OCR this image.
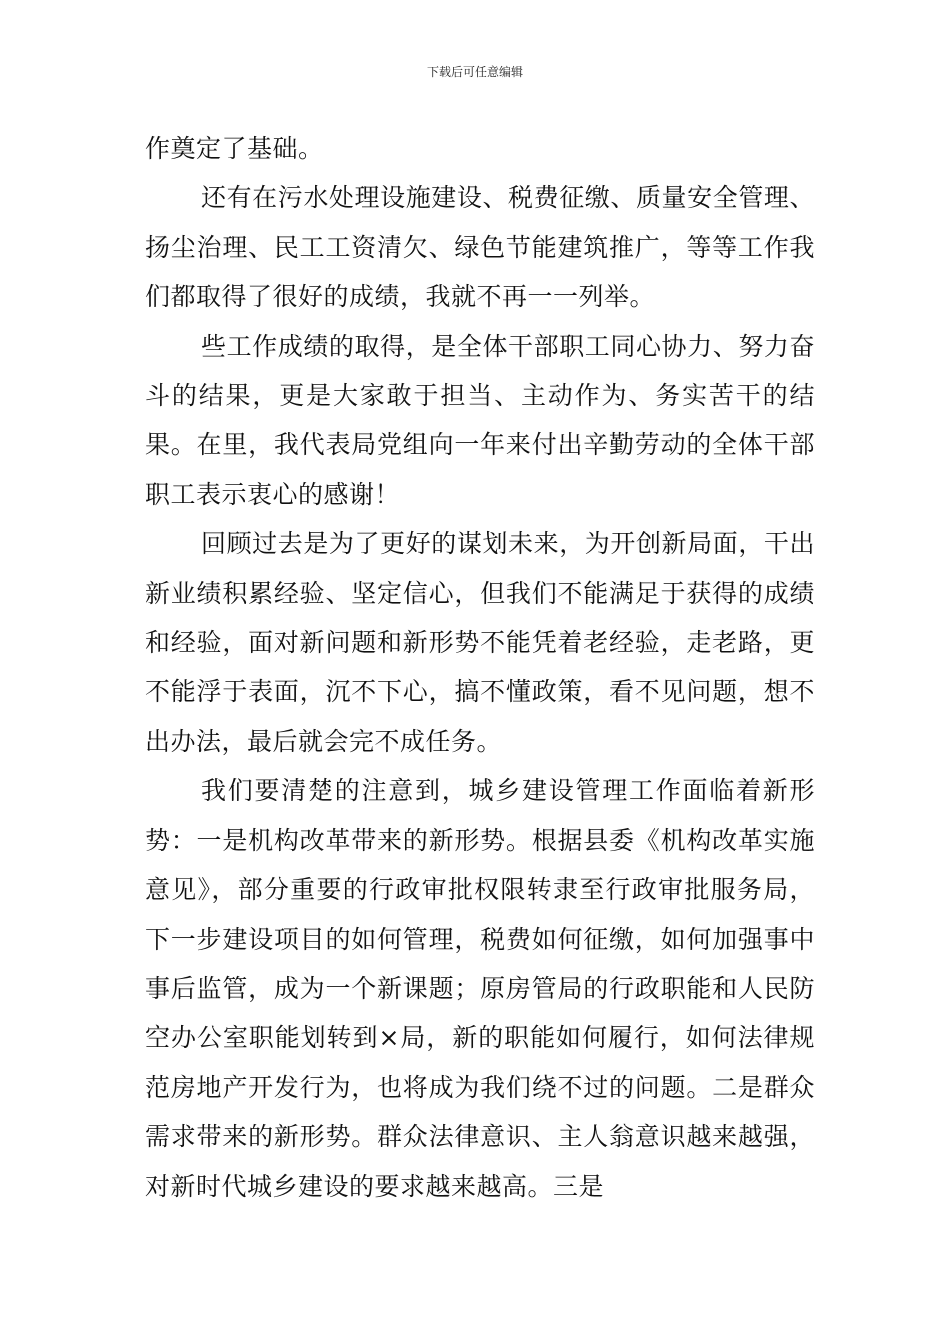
下载后可任意编辑

作奠定了基础。

还有在污水处理设施建设、税费征缴、质量安全管理、扬尘治理、民工工资清欠、绿色节能建筑推广，等等工作我们都取得了很好的成绩，我就不再一一列举。

些工作成绩的取得，是全体干部职工同心协力、努力奋斗的结果，更是大家敢于担当、主动作为、务实苦干的结果。在里，我代表局党组向一年来付出辛勤劳动的全体干部职工表示衷心的感谢！

回顾过去是为了更好的谋划未来，为开创新局面，干出新业绩积累经验、坚定信心，但我们不能满足于获得的成绩和经验，面对新问题和新形势不能凭着老经验，走老路，更不能浮于表面，沉不下心，搞不懂政策，看不见问题，想不出办法，最后就会完不成任务。

我们要清楚的注意到，城乡建设管理工作面临着新形势：一是机构改革带来的新形势。根据县委《机构改革实施意见》，部分重要的行政审批权限转隶至行政审批服务局，下一步建设项目的如何管理，税费如何征缴，如何加强事中事后监管，成为一个新课题；原房管局的行政职能和人民防空办公室职能划转到×局，新的职能如何履行，如何法律规范房地产开发行为，也将成为我们绕不过的问题。二是群众需求带来的新形势。群众法律意识、主人翁意识越来越强，对新时代城乡建设的要求越来越高。三是
